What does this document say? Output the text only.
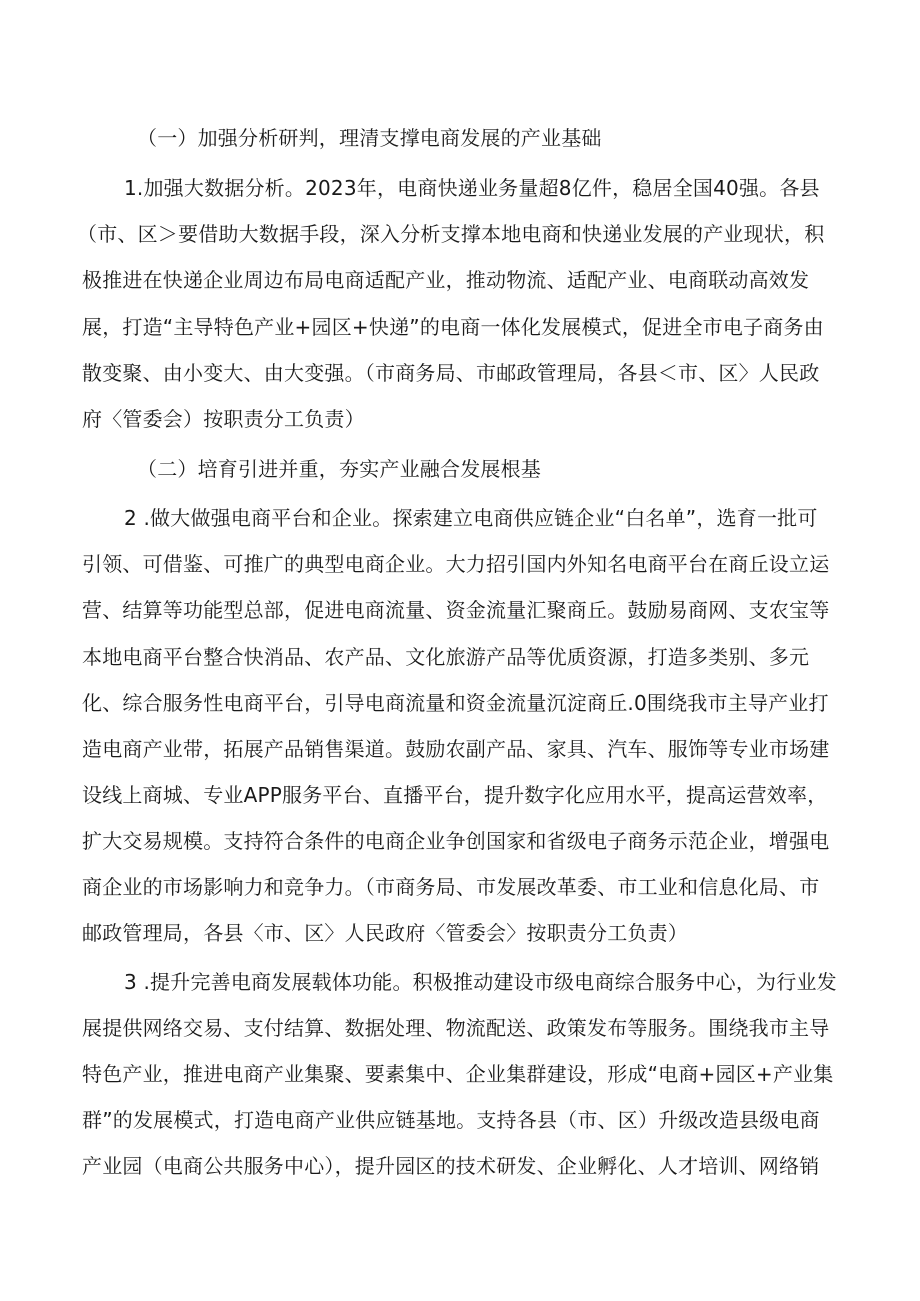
（一）加强分析研判，理清支撑电商发展的产业基础
1.加强大数据分析。2023年，电商快递业务量超8亿件，稳居全国40强。各县
（市、区＞要借助大数据手段，深入分析支撑本地电商和快递业发展的产业现状，积
极推进在快递企业周边布局电商适配产业，推动物流、适配产业、电商联动高效发
展，打造“主导特色产业+园区+快递”的电商一体化发展模式，促进全市电子商务由
散变聚、由小变大、由大变强。（市商务局、市邮政管理局，各县＜市、区〉人民政
府〈管委会）按职责分工负责）
（二）培育引进并重，夯实产业融合发展根基
2 .做大做强电商平台和企业。探索建立电商供应链企业“白名单”，选育一批可
引领、可借鉴、可推广的典型电商企业。大力招引国内外知名电商平台在商丘设立运
营、结算等功能型总部，促进电商流量、资金流量汇聚商丘。鼓励易商网、支农宝等
本地电商平台整合快消品、农产品、文化旅游产品等优质资源，打造多类别、多元
化、综合服务性电商平台，引导电商流量和资金流量沉淀商丘.0围绕我市主导产业打
造电商产业带，拓展产品销售渠道。鼓励农副产品、家具、汽车、服饰等专业市场建
设线上商城、专业APP服务平台、直播平台，提升数字化应用水平，提高运营效率，
扩大交易规模。支持符合条件的电商企业争创国家和省级电子商务示范企业，增强电
商企业的市场影响力和竞争力。（市商务局、市发展改革委、市工业和信息化局、市
邮政管理局，各县〈市、区〉人民政府〈管委会〉按职责分工负责）
3 .提升完善电商发展载体功能。积极推动建设市级电商综合服务中心，为行业发
展提供网络交易、支付结算、数据处理、物流配送、政策发布等服务。围绕我市主导
特色产业，推进电商产业集聚、要素集中、企业集群建设，形成“电商+园区+产业集
群”的发展模式，打造电商产业供应链基地。支持各县（市、区）升级改造县级电商
产业园（电商公共服务中心），提升园区的技术研发、企业孵化、人才培训、网络销
